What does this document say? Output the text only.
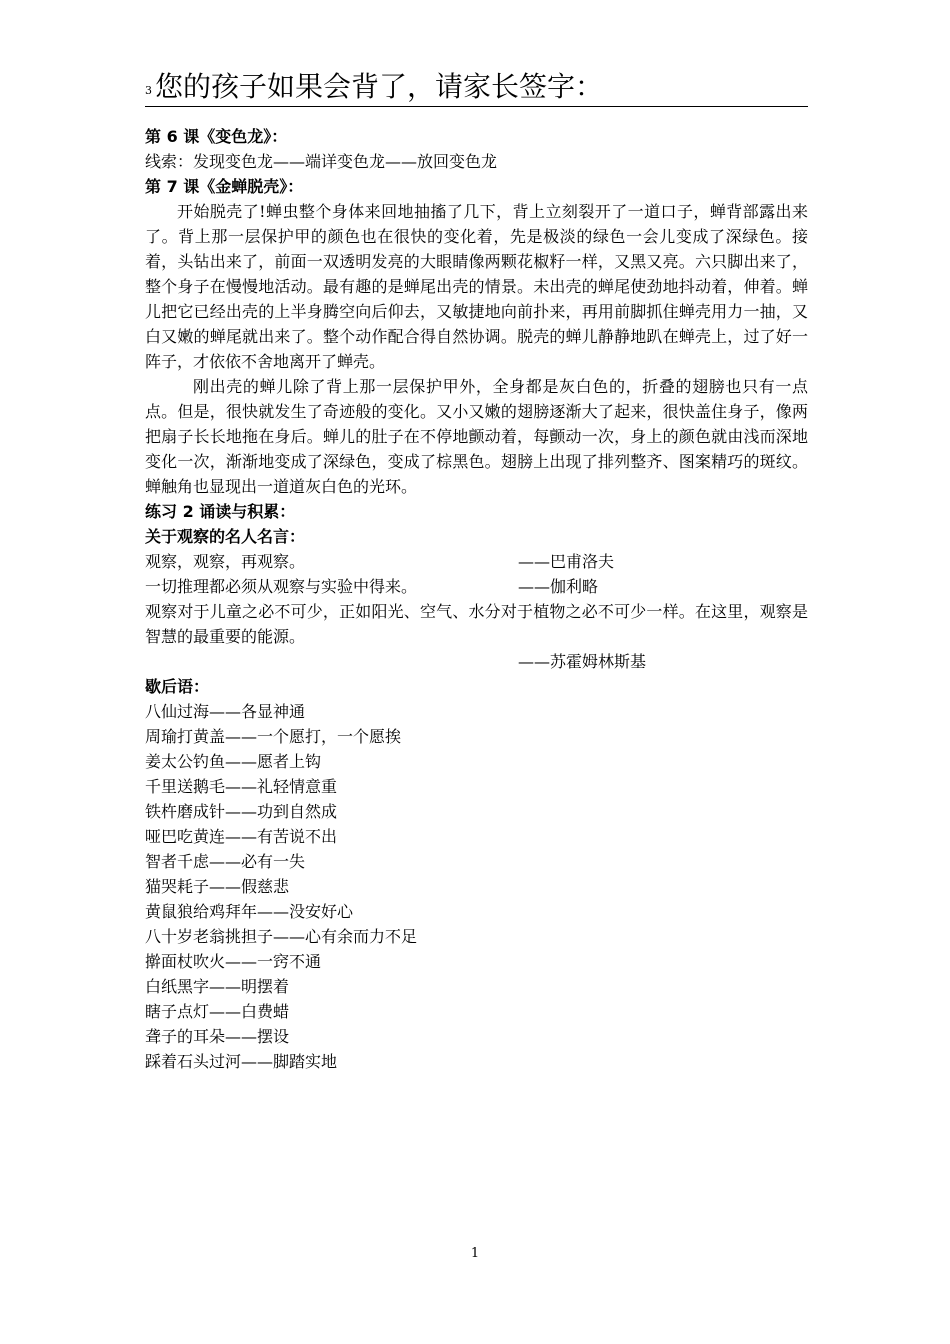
3 您的孩子如果会背了，请家长签字：
第 6 课《变色龙》：
线索：发现变色龙——端详变色龙——放回变色龙
第 7 课《金蝉脱壳》：

开始脱壳了!蝉虫整个身体来回地抽搐了几下，背上立刻裂开了一道口子，蝉背部露出来了。背上那一层保护甲的颜色也在很快的变化着，先是极淡的绿色一会儿变成了深绿色。接着，头钻出来了，前面一双透明发亮的大眼睛像两颗花椒籽一样，又黑又亮。六只脚出来了，整个身子在慢慢地活动。最有趣的是蝉尾出壳的情景。未出壳的蝉尾使劲地抖动着，伸着。蝉儿把它已经出壳的上半身腾空向后仰去，又敏捷地向前扑来，再用前脚抓住蝉壳用力一抽，又白又嫩的蝉尾就出来了。整个动作配合得自然协调。脱壳的蝉儿静静地趴在蝉壳上，过了好一阵子，才依依不舍地离开了蝉壳。

刚出壳的蝉儿除了背上那一层保护甲外，全身都是灰白色的，折叠的翅膀也只有一点点。但是，很快就发生了奇迹般的变化。又小又嫩的翅膀逐渐大了起来，很快盖住身子，像两把扇子长长地拖在身后。蝉儿的肚子在不停地颤动着，每颤动一次，身上的颜色就由浅而深地变化一次，渐渐地变成了深绿色，变成了棕黑色。翅膀上出现了排列整齐、图案精巧的斑纹。蝉触角也显现出一道道灰白色的光环。

练习 2 诵读与积累：
关于观察的名人名言：
观察，观察，再观察。	——巴甫洛夫
一切推理都必须从观察与实验中得来。	——伽利略

观察对于儿童之必不可少，正如阳光、空气、水分对于植物之必不可少一样。在这里，观察是智慧的最重要的能源。

——苏霍姆林斯基
歇后语：
八仙过海——各显神通
周瑜打黄盖——一个愿打，一个愿挨
姜太公钓鱼——愿者上钩
千里送鹅毛——礼轻情意重
铁杵磨成针——功到自然成
哑巴吃黄连——有苦说不出
智者千虑——必有一失
猫哭耗子——假慈悲
黄鼠狼给鸡拜年——没安好心
八十岁老翁挑担子——心有余而力不足
擀面杖吹火——一窍不通
白纸黑字——明摆着
瞎子点灯——白费蜡
聋子的耳朵——摆设
踩着石头过河——脚踏实地
1
